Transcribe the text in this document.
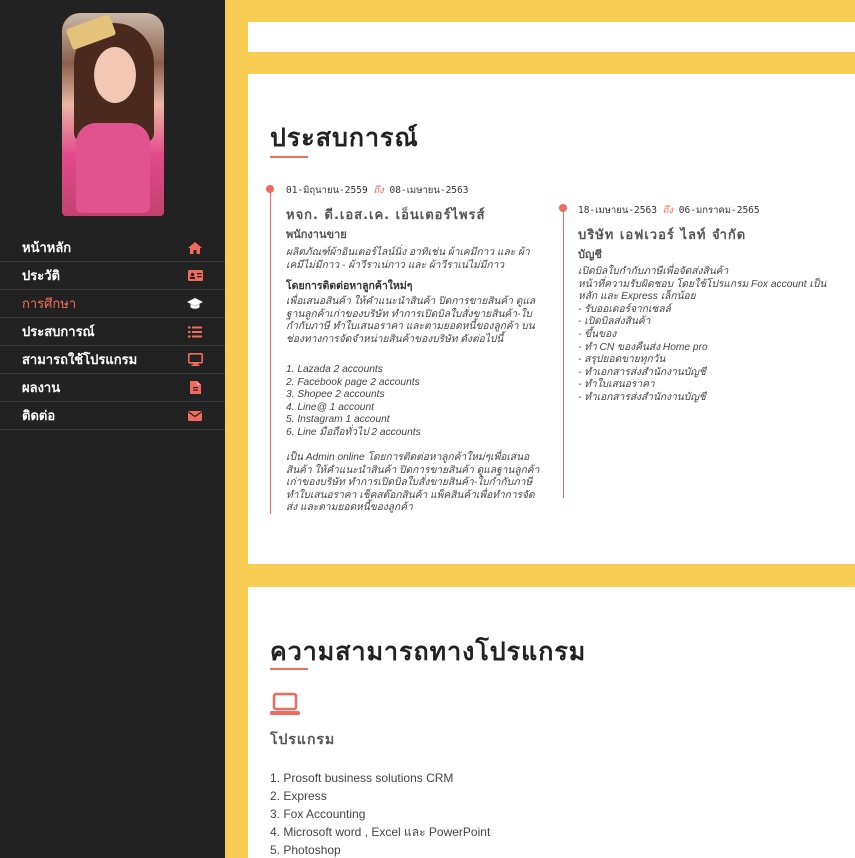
หน้าหลัก
ประวัติ
การศึกษา
ประสบการณ์
สามารถใช้โปรแกรม
ผลงาน
ติดต่อ
ประสบการณ์
01-มิถุนายน-2559 ถึง 08-เมษายน-2563
หจก. ดี.เอส.เค. เอ็นเตอร์ไพรส์
พนักงานขาย
ผลิตภัณฑ์ผ้าอินเตอร์ไลน์นิ่ง อาทิเช่น ผ้าเคมีกาว และ ผ้า
เคมีไม่มีกาว - ผ้าวีราเน่กาว และ ผ้าวีราเน่ไม่มีกาว
โดยการติดต่อหาลูกค้าใหม่ๆ
เพื่อเสนอสินค้า ให้คำแนะนำสินค้า ปิดการขายสินค้า ดูแล
ฐานลูกค้าเก่าของบริษัท ทำการเปิดบิลใบสั่งขายสินค้า-ใบ
กำกับภาษี ทำใบเสนอราคา และตามยอดหนี้ของลูกค้า บน
ช่องทางการจัดจำหน่ายสินค้าของบริษัท ดังต่อไปนี้
1. Lazada 2 accounts
2. Facebook page 2 accounts
3. Shopee 2 accounts
4. Line@ 1 account
5. Instagram 1 account
6. Line มือถือทั่วไป 2 accounts
เป็น Admin online โดยการติดต่อหาลูกค้าใหม่ๆเพื่อเสนอ
สินค้า ให้คำแนะนำสินค้า ปิดการขายสินค้า ดูแลฐานลูกค้า
เก่าของบริษัท ทำการเปิดบิลใบสั่งขายสินค้า-ใบกำกับภาษี
ทำใบเสนอราคา เช็คสต๊อกสินค้า แพ็คสินค้าเพื่อทำการจัด
ส่ง และตามยอดหนี้ของลูกค้า
18-เมษายน-2563 ถึง 06-มกราคม-2565
บริษัท เอฟเวอร์ ไลท์ จำกัด
บัญชี
เปิดบิลใบกำกับภาษีเพื่อจัดส่งสินค้า
หน้าที่ความรับผิดชอบ โดยใช้โปรแกรม Fox account เป็น
หลัก และ Express เล็กน้อย
- รับออเดอร์จากเซลล์
- เปิดบิลส่งสินค้า
- ขึ้นของ
- ทำ CN ของคืนส่ง Home pro
- สรุปยอดขายทุกวัน
- ทำเอกสารส่งสำนักงานบัญชี
- ทำใบเสนอราคา
- ทำเอกสารส่งสำนักงานบัญชี
ความสามารถทางโปรแกรม
โปรแกรม
1. Prosoft business solutions CRM
2. Express
3. Fox Accounting
4. Microsoft word , Excel และ PowerPoint
5. Photoshop
